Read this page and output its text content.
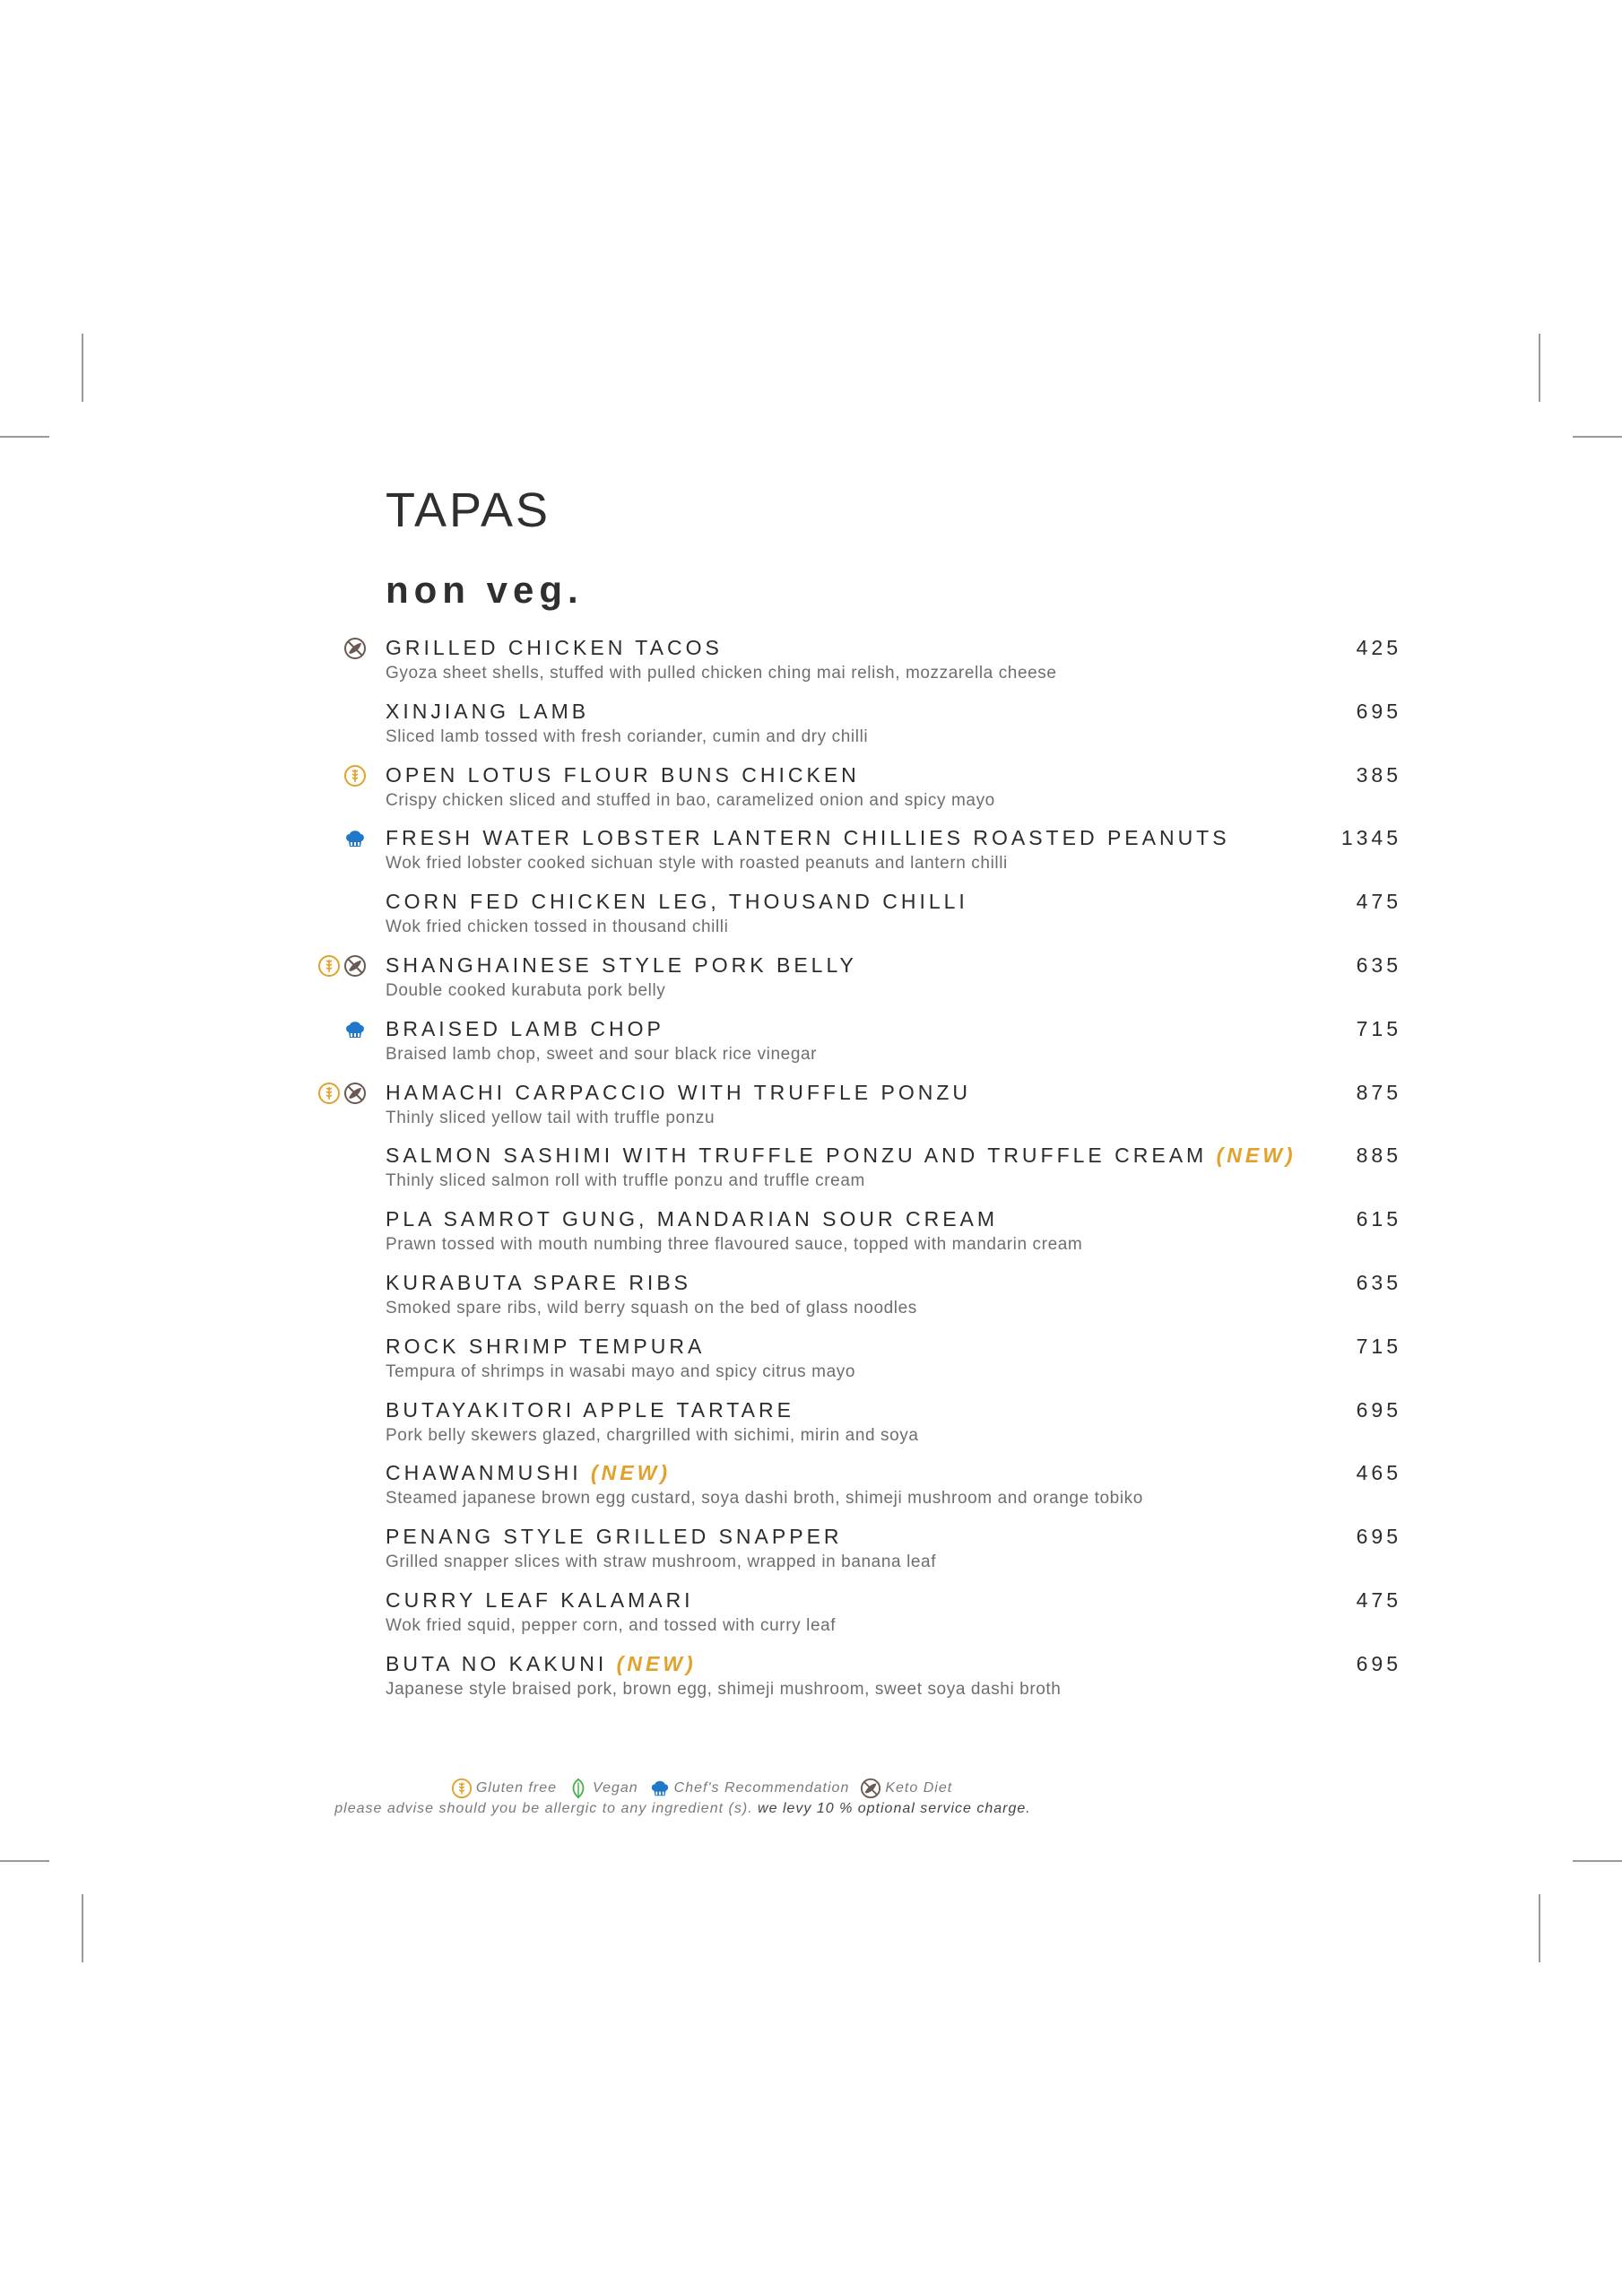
TAPAS
non veg.
GRILLED CHICKEN TACOS
Gyoza sheet shells, stuffed with pulled chicken ching mai relish, mozzarella cheese
425
XINJIANG LAMB
Sliced lamb tossed with fresh coriander, cumin and dry chilli
695
OPEN LOTUS FLOUR BUNS CHICKEN
Crispy chicken sliced and stuffed in bao, caramelized onion and spicy mayo
385
FRESH WATER LOBSTER LANTERN CHILLIES ROASTED PEANUTS
Wok fried lobster cooked sichuan style with roasted peanuts and lantern chilli
1345
CORN FED CHICKEN LEG, THOUSAND CHILLI
Wok fried chicken tossed in thousand chilli
475
SHANGHAINESE STYLE PORK BELLY
Double cooked kurabuta pork belly
635
BRAISED LAMB CHOP
Braised lamb chop, sweet and sour black rice vinegar
715
HAMACHI CARPACCIO WITH TRUFFLE PONZU
Thinly sliced yellow tail with truffle ponzu
875
SALMON SASHIMI WITH TRUFFLE PONZU AND TRUFFLE CREAM (NEW)
Thinly sliced salmon roll with truffle ponzu and truffle cream
885
PLA SAMROT GUNG, MANDARIAN SOUR CREAM
Prawn tossed with mouth numbing three flavoured sauce, topped with mandarin cream
615
KURABUTA SPARE RIBS
Smoked spare ribs, wild berry squash on the bed of glass noodles
635
ROCK SHRIMP TEMPURA
Tempura of shrimps in wasabi mayo and spicy citrus mayo
715
BUTAYAKITORI APPLE TARTARE
Pork belly skewers glazed, chargrilled with sichimi, mirin and soya
695
CHAWANMUSHI (NEW)
Steamed japanese brown egg custard, soya dashi broth, shimeji mushroom and orange tobiko
465
PENANG STYLE GRILLED SNAPPER
Grilled snapper slices with straw mushroom, wrapped in banana leaf
695
CURRY LEAF KALAMARI
Wok fried squid, pepper corn, and tossed with curry leaf
475
BUTA NO KAKUNI (NEW)
Japanese style braised pork, brown egg, shimeji mushroom, sweet soya dashi broth
695
Gluten free	Vegan	Chef's Recommendation	Keto Diet
please advise should you be allergic to any ingredient (s). we levy 10 % optional service charge.
